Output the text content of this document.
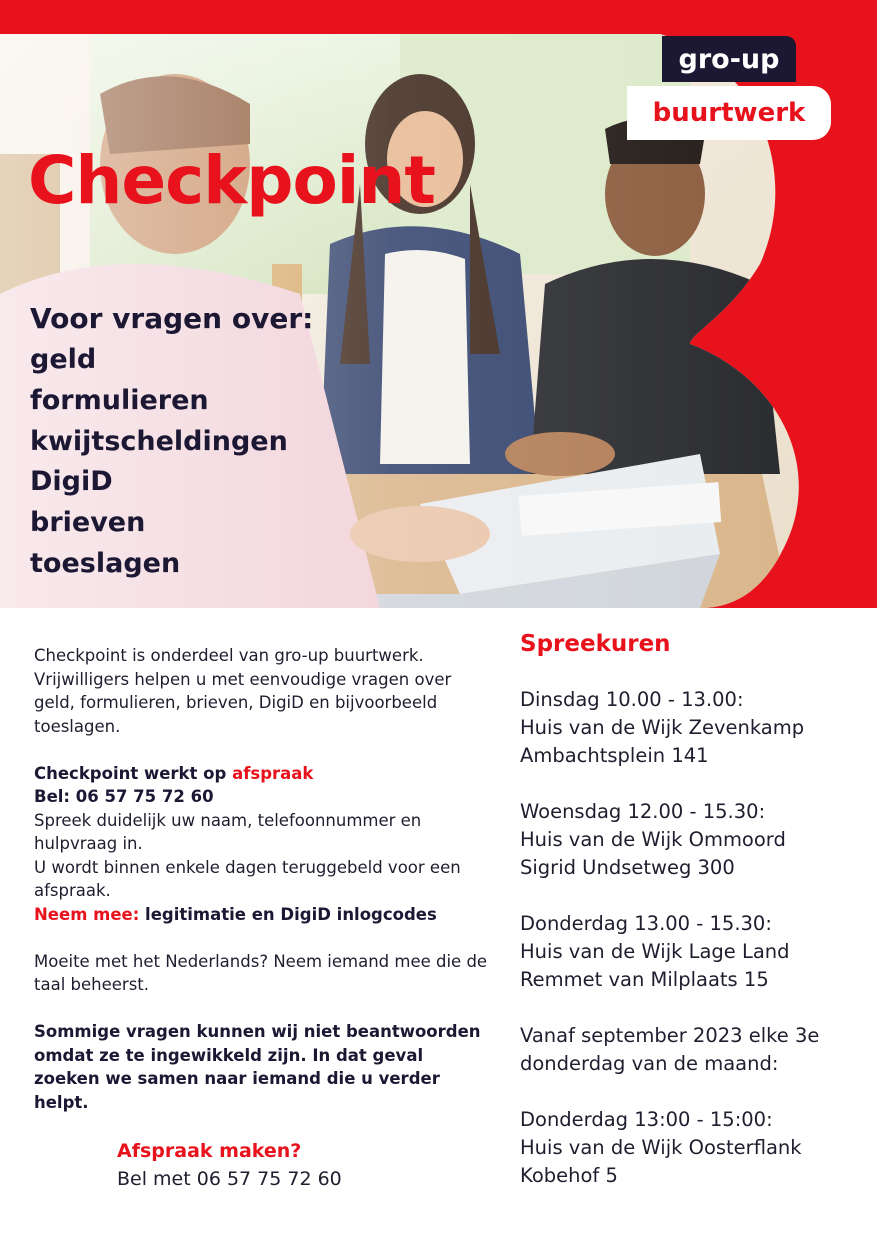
gro-up
buurtwerk
Checkpoint
Voor vragen over:
geld
formulieren
kwijtscheldingen
DigiD
brieven
toeslagen

Checkpoint is onderdeel van gro-up buurtwerk. Vrijwilligers helpen u met eenvoudige vragen over geld, formulieren, brieven, DigiD en bijvoorbeeld toeslagen.

Checkpoint werkt op afspraak

Bel: 06 57 75 72 60

Spreek duidelijk uw naam, telefoonnummer en hulpvraag in.

U wordt binnen enkele dagen teruggebeld voor een afspraak.

Neem mee: legitimatie en DigiD inlogcodes

Moeite met het Nederlands? Neem iemand mee die de taal beheerst.

Sommige vragen kunnen wij niet beantwoorden omdat ze te ingewikkeld zijn. In dat geval zoeken we samen naar iemand die u verder helpt.

Afspraak maken?
Bel met 06 57 75 72 60
Spreekuren
Dinsdag 10.00 - 13.00:
Huis van de Wijk Zevenkamp
Ambachtsplein 141
Woensdag 12.00 - 15.30:
Huis van de Wijk Ommoord
Sigrid Undsetweg 300
Donderdag 13.00 - 15.30:
Huis van de Wijk Lage Land
Remmet van Milplaats 15
Vanaf september 2023 elke 3e
donderdag van de maand:
Donderdag 13:00 - 15:00:
Huis van de Wijk Oosterflank
Kobehof 5
